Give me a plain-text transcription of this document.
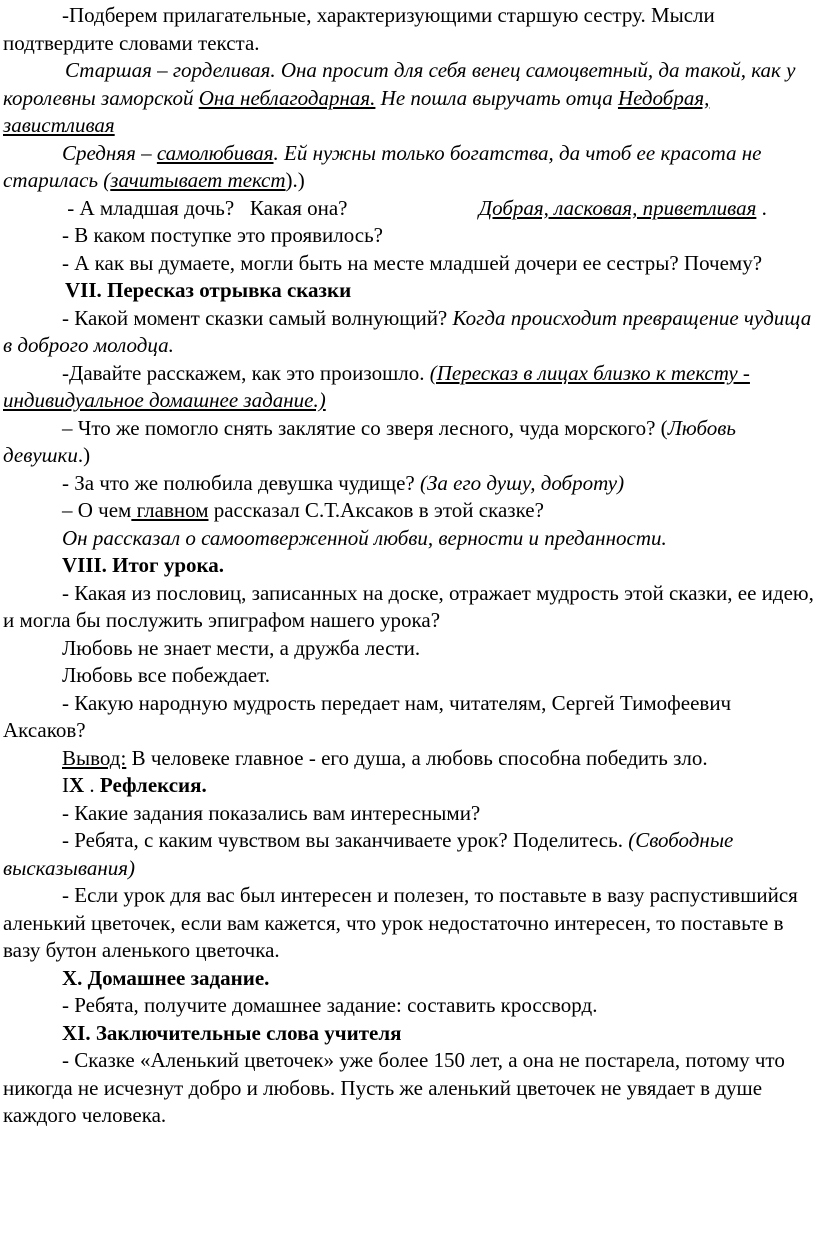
-Подберем прилагательные, характеризующими старшую сестру. Мысли подтвердите словами текста.

Старшая – горделивая. Она просит для себя венец самоцветный, да такой, как у королевны заморской Она неблагодарная. Не пошла выручать отца Недобрая, завистливая

Средняя – самолюбивая. Ей нужны только богатства, да чтоб ее красота не старилась (зачитывает текст).)

- А младшая дочь?   Какая она?                         Добрая, ласковая, приветливая .

- В каком поступке это проявилось?

- А как вы думаете, могли быть на месте младшей дочери ее сестры? Почему?

VII. Пересказ отрывка сказки

- Какой момент сказки самый волнующий? Когда происходит превращение чудища в доброго молодца.

-Давайте расскажем, как это произошло. (Пересказ в лицах близко к тексту - индивидуальное домашнее задание.)

– Что же помогло снять заклятие со зверя лесного, чуда морского? (Любовь девушки.)

- За что же полюбила девушка чудище? (За его душу, доброту)

– О чем главном рассказал С.Т.Аксаков в этой сказке?

Он рассказал о самоотверженной любви, верности и преданности.

VIII. Итог урока.

- Какая из пословиц, записанных на доске, отражает мудрость этой сказки, ее идею, и могла бы послужить эпиграфом нашего урока?

Любовь не знает мести, а дружба лести.

Любовь все побеждает.

- Какую народную мудрость передает нам, читателям, Сергей Тимофеевич Аксаков?

Вывод: В человеке главное - его душа, а любовь способна победить зло.

IX . Рефлексия.

- Какие задания показались вам интересными?

- Ребята, с каким чувством вы заканчиваете урок? Поделитесь. (Свободные высказывания)

- Если урок для вас был интересен и полезен, то поставьте в вазу распустившийся аленький цветочек, если вам кажется, что урок недостаточно интересен, то поставьте в вазу бутон аленького цветочка.

X. Домашнее задание.

- Ребята, получите домашнее задание: составить кроссворд.

XI. Заключительные слова учителя

- Сказке «Аленький цветочек» уже более 150 лет, а она не постарела, потому что никогда не исчезнут добро и любовь. Пусть же аленький цветочек не увядает в душе каждого человека.
